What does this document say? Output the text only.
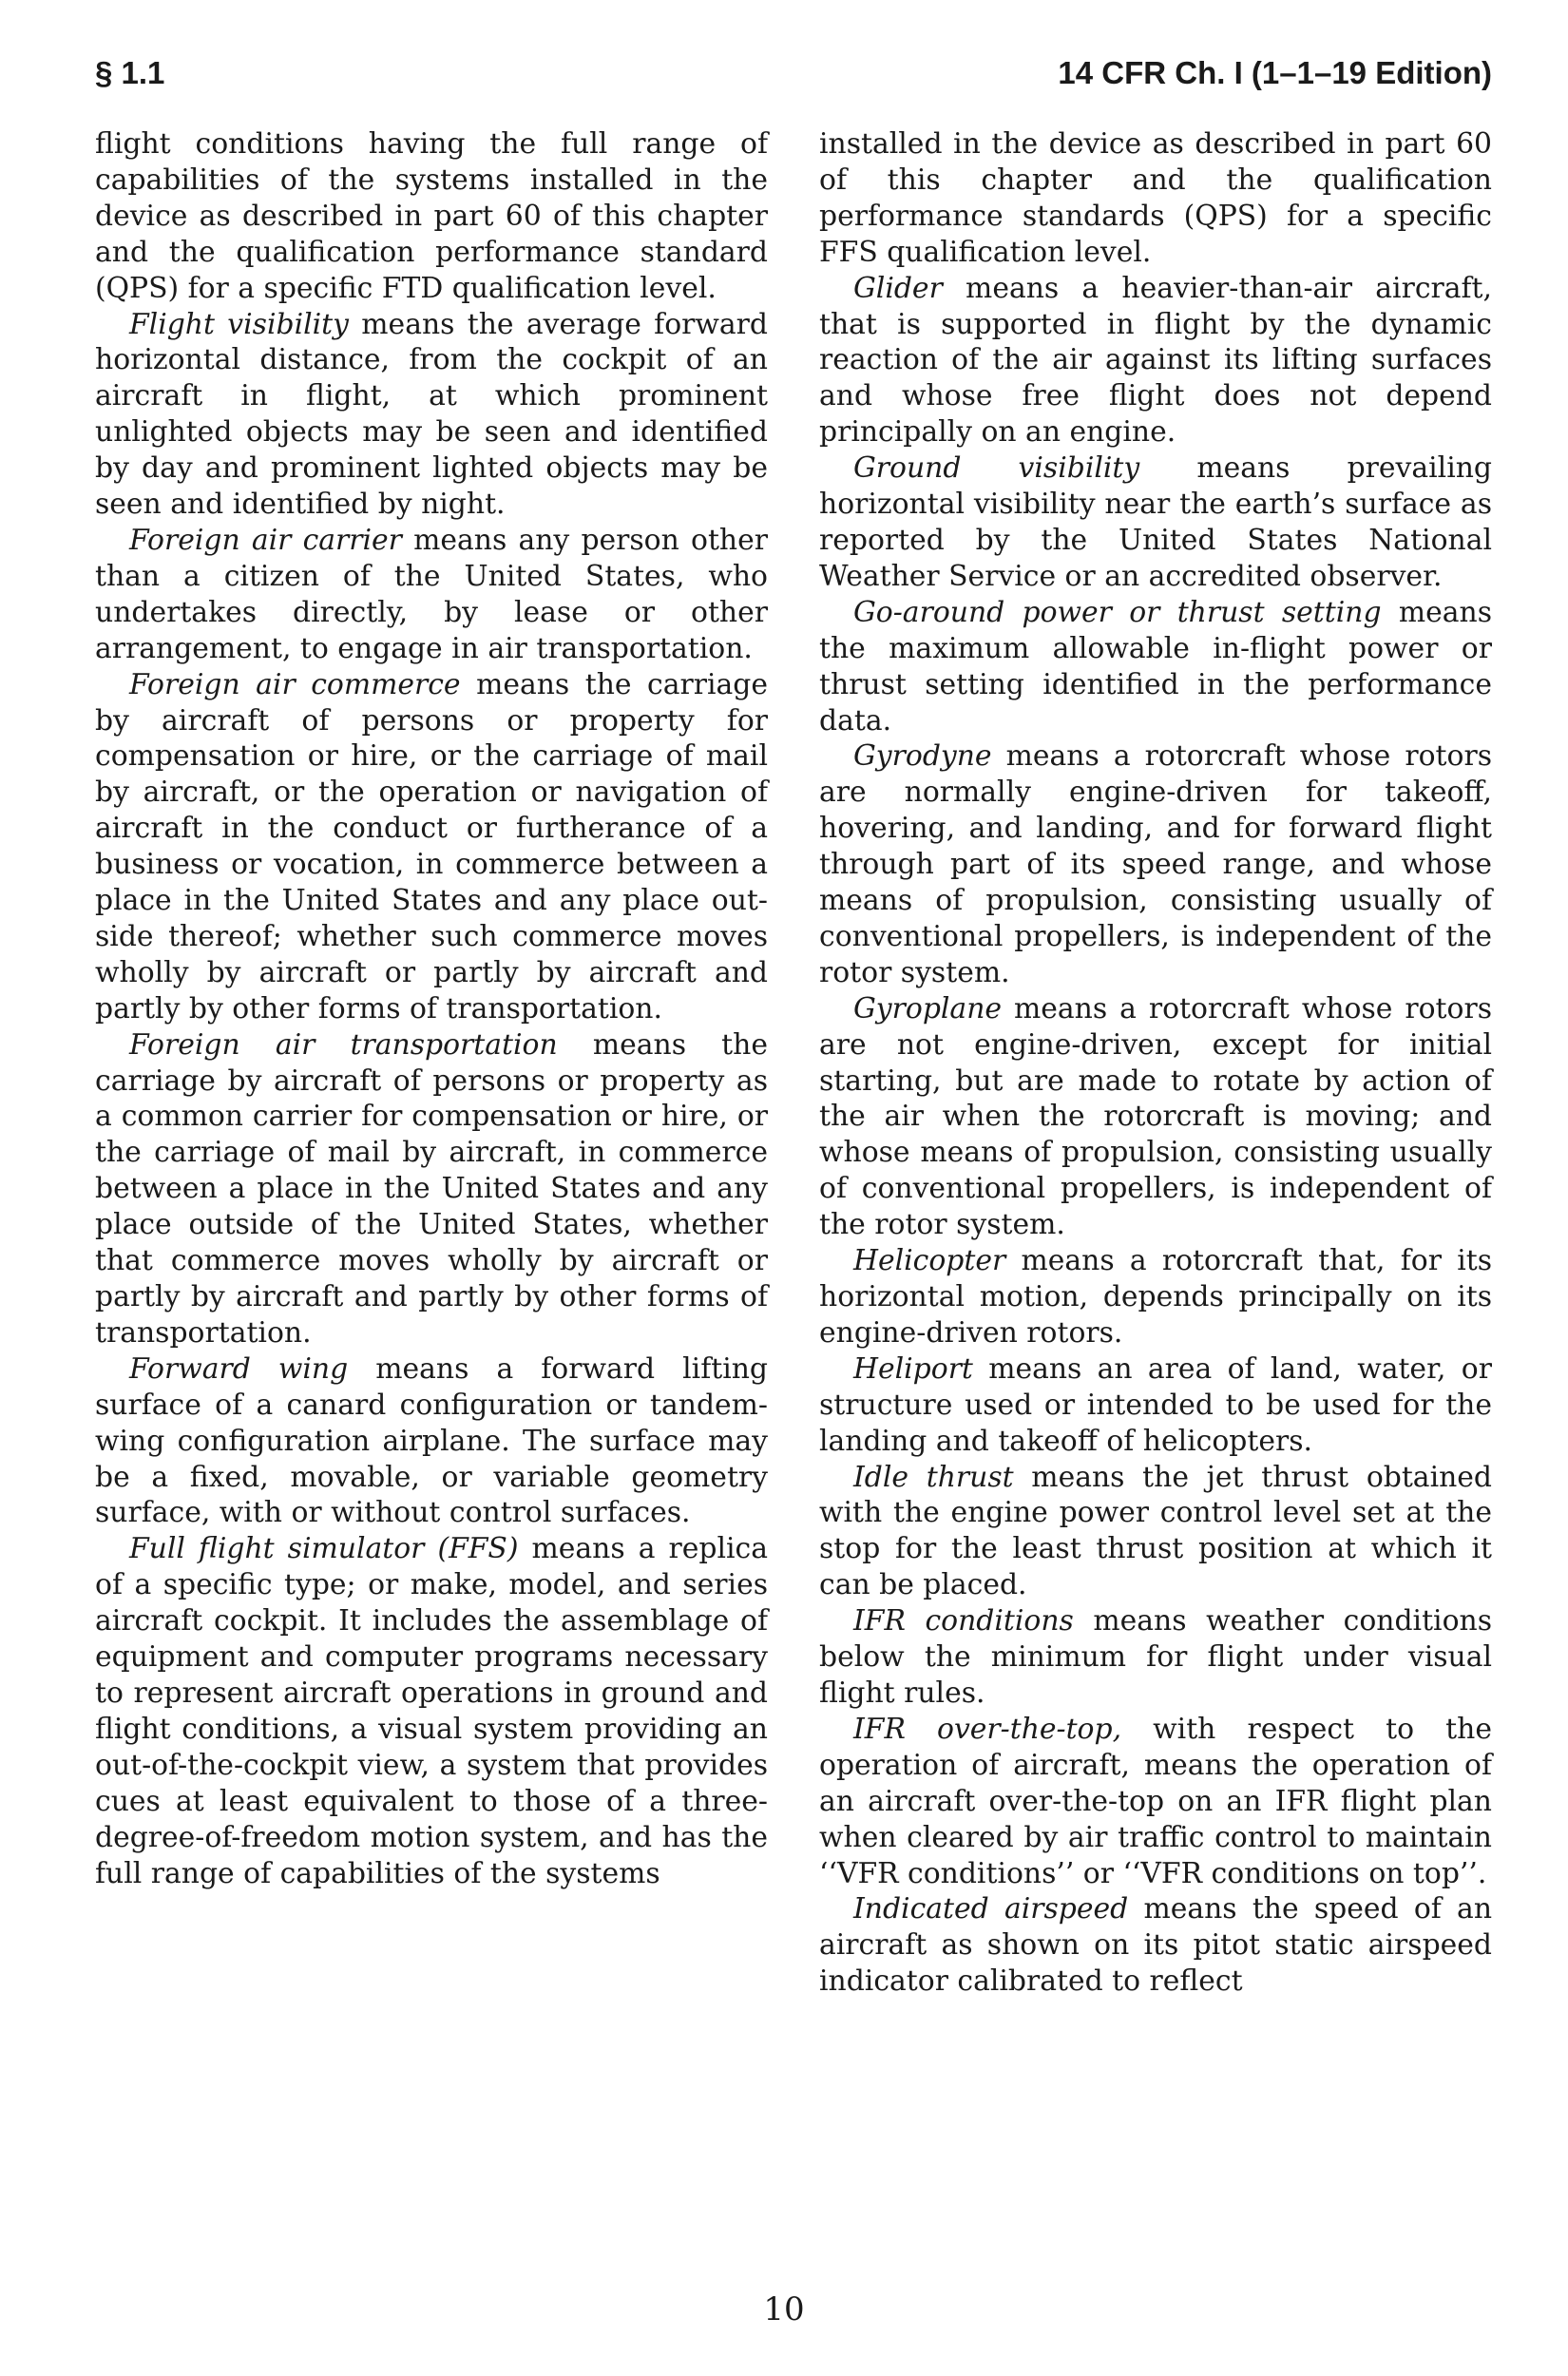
§ 1.1	14 CFR Ch. I (1–1–19 Edition)

flight conditions having the full range of capabilities of the systems installed in the device as described in part 60 of this chapter and the qualification performance standard (QPS) for a specific FTD qualification level.

Flight visibility means the average forward horizontal distance, from the cockpit of an aircraft in flight, at which prominent unlighted objects may be seen and identified by day and prominent lighted objects may be seen and identified by night.

Foreign air carrier means any person other than a citizen of the United States, who undertakes directly, by lease or other arrangement, to engage in air transportation.

Foreign air commerce means the carriage by aircraft of persons or property for compensation or hire, or the carriage of mail by aircraft, or the operation or navigation of aircraft in the conduct or furtherance of a business or vocation, in commerce between a place in the United States and any place outside thereof; whether such commerce moves wholly by aircraft or partly by aircraft and partly by other forms of transportation.

Foreign air transportation means the carriage by aircraft of persons or property as a common carrier for compensation or hire, or the carriage of mail by aircraft, in commerce between a place in the United States and any place outside of the United States, whether that commerce moves wholly by aircraft or partly by aircraft and partly by other forms of transportation.

Forward wing means a forward lifting surface of a canard configuration or tandem-wing configuration airplane. The surface may be a fixed, movable, or variable geometry surface, with or without control surfaces.

Full flight simulator (FFS) means a replica of a specific type; or make, model, and series aircraft cockpit. It includes the assemblage of equipment and computer programs necessary to represent aircraft operations in ground and flight conditions, a visual system providing an out-of-the-cockpit view, a system that provides cues at least equivalent to those of a three-degree-of-freedom motion system, and has the full range of capabilities of the systems

installed in the device as described in part 60 of this chapter and the qualification performance standards (QPS) for a specific FFS qualification level.

Glider means a heavier-than-air aircraft, that is supported in flight by the dynamic reaction of the air against its lifting surfaces and whose free flight does not depend principally on an engine.

Ground visibility means prevailing horizontal visibility near the earth’s surface as reported by the United States National Weather Service or an accredited observer.

Go-around power or thrust setting means the maximum allowable in-flight power or thrust setting identified in the performance data.

Gyrodyne means a rotorcraft whose rotors are normally engine-driven for takeoff, hovering, and landing, and for forward flight through part of its speed range, and whose means of propulsion, consisting usually of conventional propellers, is independent of the rotor system.

Gyroplane means a rotorcraft whose rotors are not engine-driven, except for initial starting, but are made to rotate by action of the air when the rotorcraft is moving; and whose means of propulsion, consisting usually of conventional propellers, is independent of the rotor system.

Helicopter means a rotorcraft that, for its horizontal motion, depends principally on its engine-driven rotors.

Heliport means an area of land, water, or structure used or intended to be used for the landing and takeoff of helicopters.

Idle thrust means the jet thrust obtained with the engine power control level set at the stop for the least thrust position at which it can be placed.

IFR conditions means weather conditions below the minimum for flight under visual flight rules.

IFR over-the-top, with respect to the operation of aircraft, means the operation of an aircraft over-the-top on an IFR flight plan when cleared by air traffic control to maintain ‘‘VFR conditions’’ or ‘‘VFR conditions on top’’.

Indicated airspeed means the speed of an aircraft as shown on its pitot static airspeed indicator calibrated to reflect

10
